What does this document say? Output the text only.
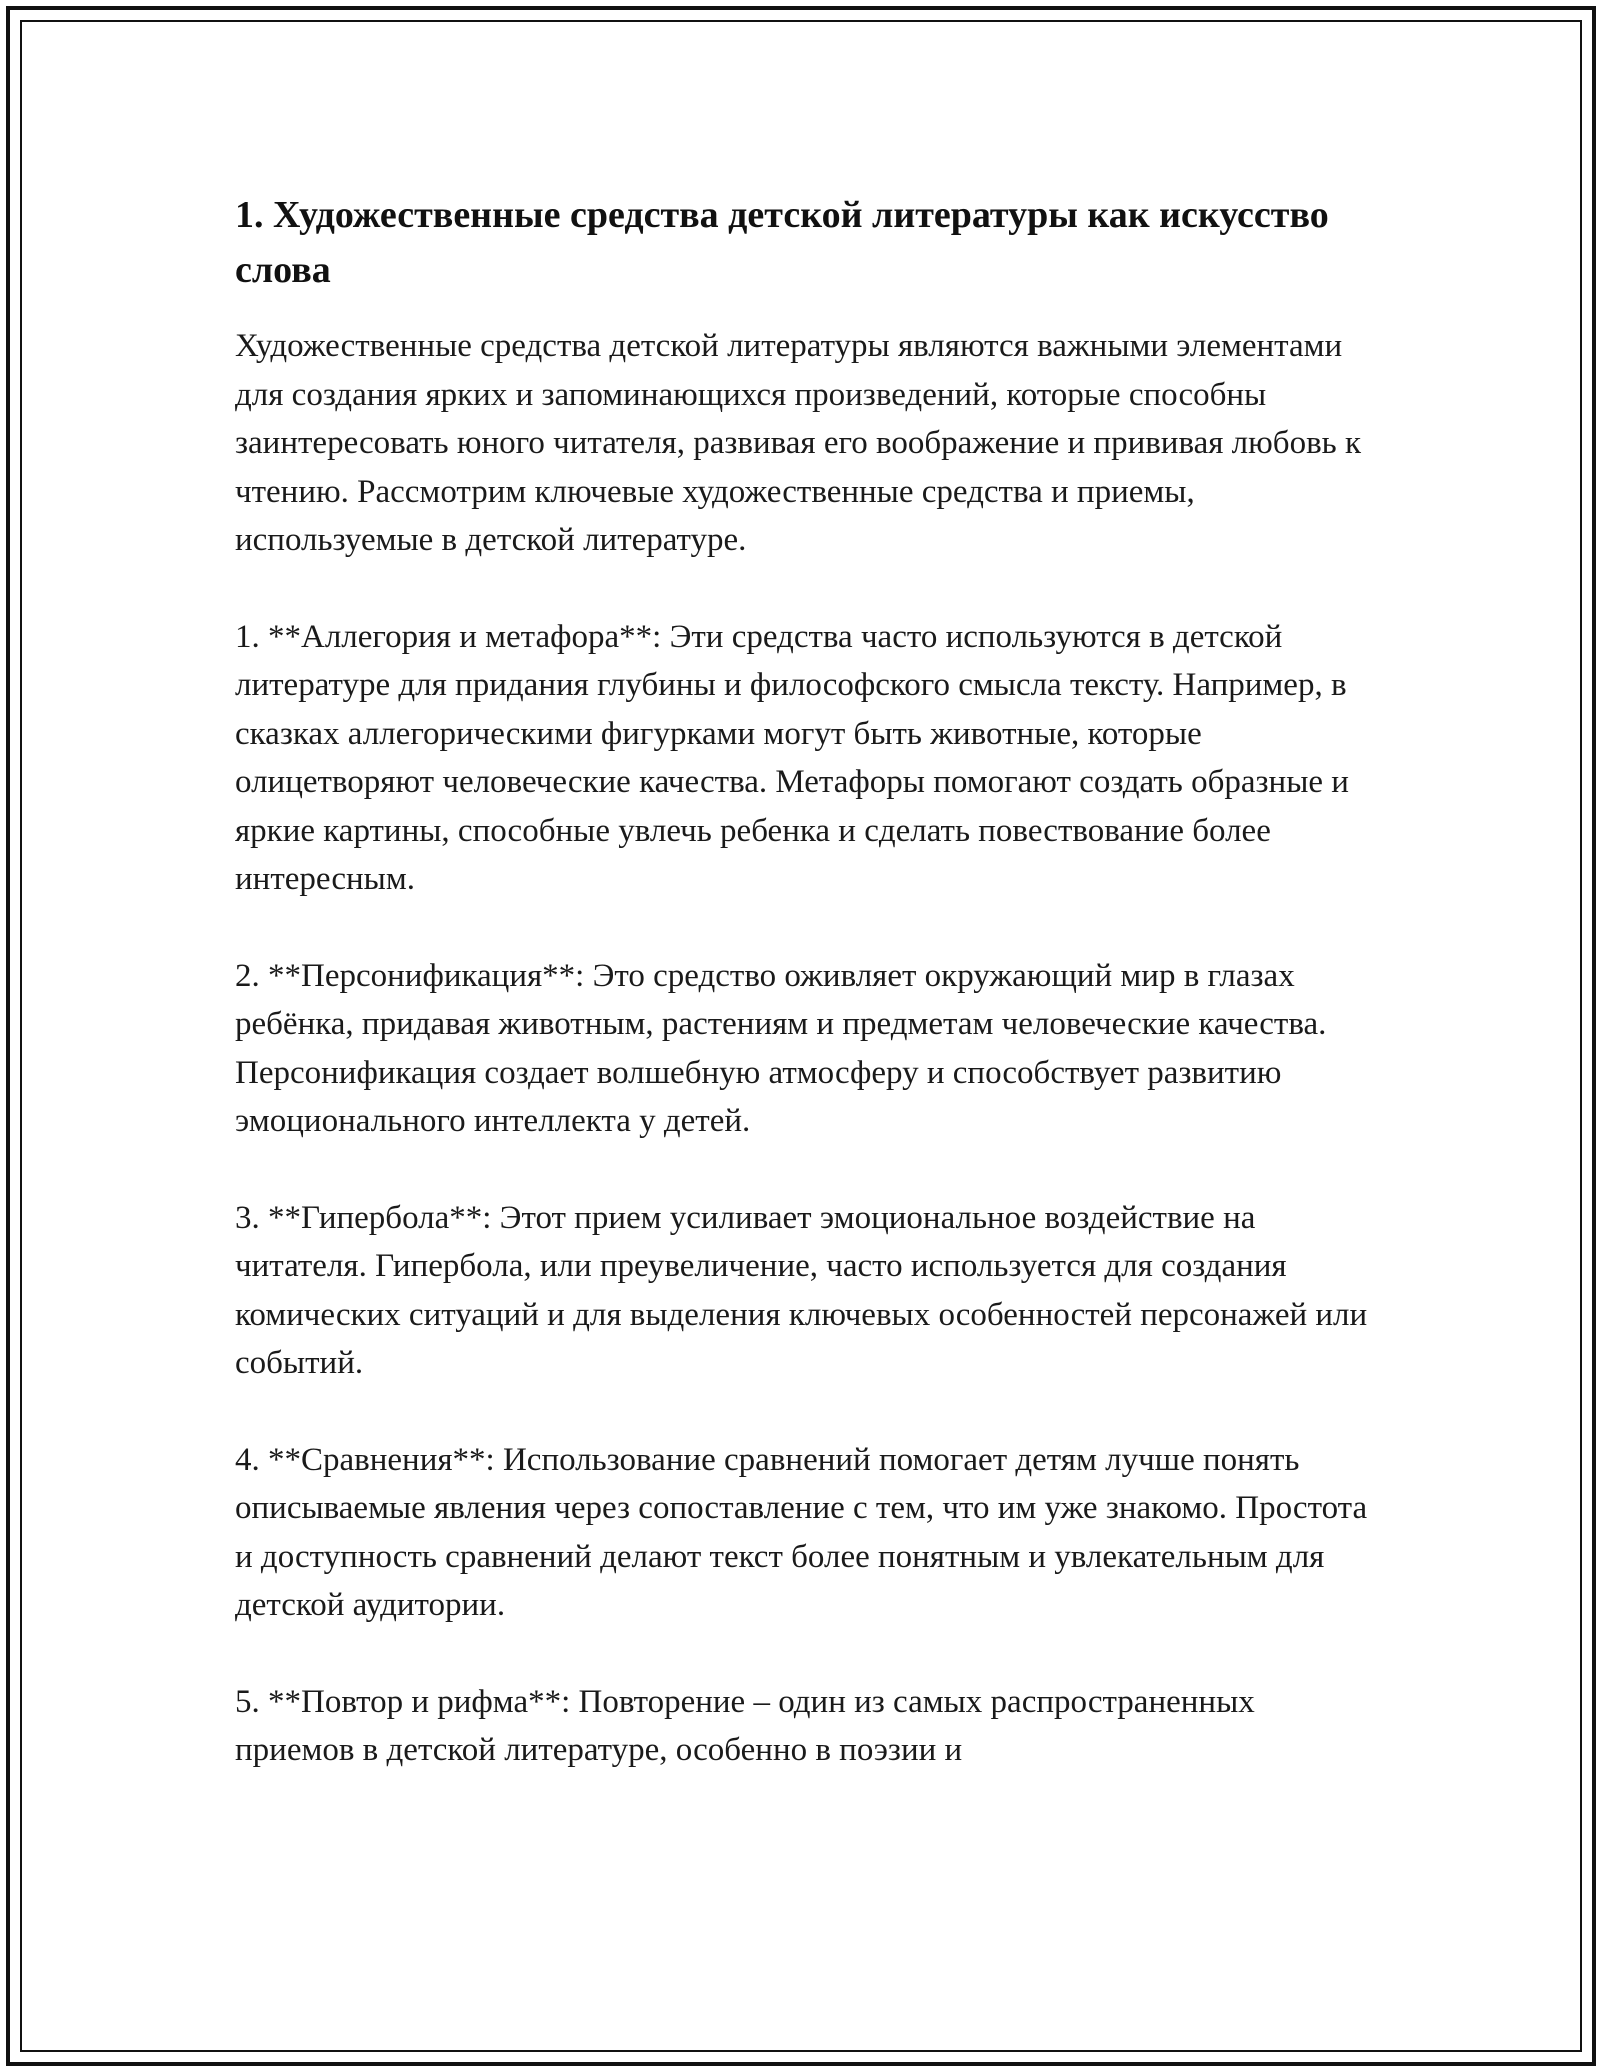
1. Художественные средства детской литературы как искусство слова

Художественные средства детской литературы являются важными элементами для создания ярких и запоминающихся произведений, которые способны заинтересовать юного читателя, развивая его воображение и прививая любовь к чтению. Рассмотрим ключевые художественные средства и приемы, используемые в детской литературе.

1. **Аллегория и метафора**: Эти средства часто используются в детской литературе для придания глубины и философского смысла тексту. Например, в сказках аллегорическими фигурками могут быть животные, которые олицетворяют человеческие качества. Метафоры помогают создать образные и яркие картины, способные увлечь ребенка и сделать повествование более интересным.

2. **Персонификация**: Это средство оживляет окружающий мир в глазах ребёнка, придавая животным, растениям и предметам человеческие качества. Персонификация создает волшебную атмосферу и способствует развитию эмоционального интеллекта у детей.

3. **Гипербола**: Этот прием усиливает эмоциональное воздействие на читателя. Гипербола, или преувеличение, часто используется для создания комических ситуаций и для выделения ключевых особенностей персонажей или событий.

4. **Сравнения**: Использование сравнений помогает детям лучше понять описываемые явления через сопоставление с тем, что им уже знакомо. Простота и доступность сравнений делают текст более понятным и увлекательным для детской аудитории.

5. **Повтор и рифма**: Повторение – один из самых распространенных приемов в детской литературе, особенно в поэзии и
